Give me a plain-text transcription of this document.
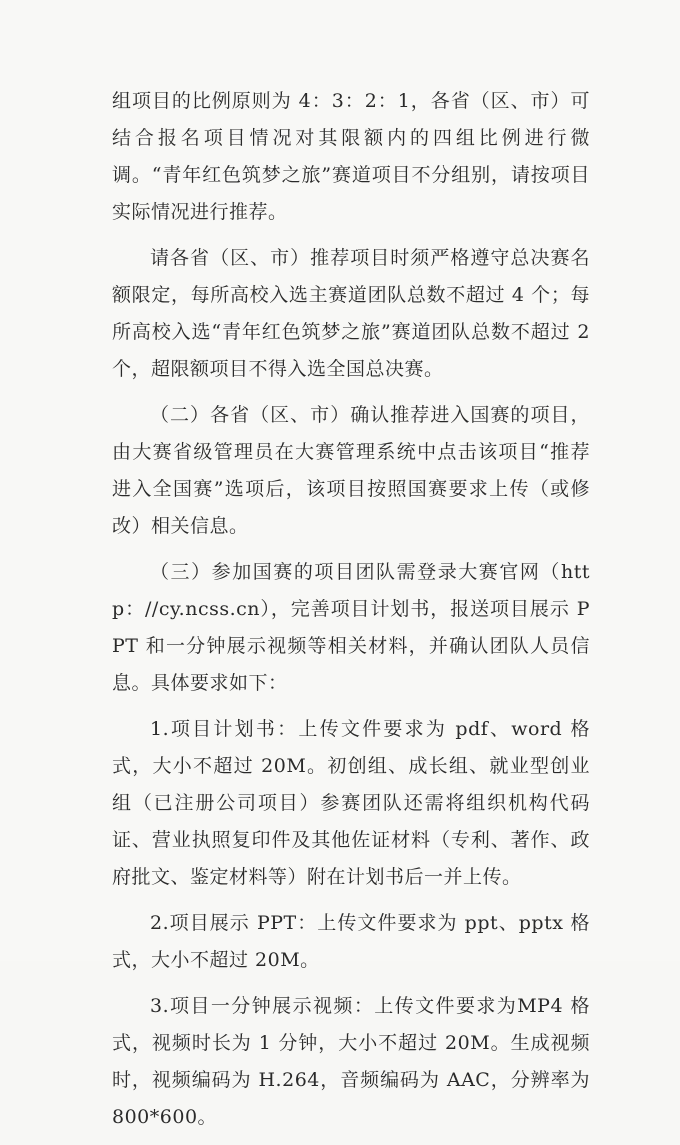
组项目的比例原则为 4：3：2：1，各省（区、市）可结合报名项目情况对其限额内的四组比例进行微调。“青年红色筑梦之旅”赛道项目不分组别，请按项目实际情况进行推荐。

请各省（区、市）推荐项目时须严格遵守总决赛名额限定，每所高校入选主赛道团队总数不超过 4 个；每所高校入选“青年红色筑梦之旅”赛道团队总数不超过 2 个，超限额项目不得入选全国总决赛。

（二）各省（区、市）确认推荐进入国赛的项目，由大赛省级管理员在大赛管理系统中点击该项目“推荐进入全国赛”选项后，该项目按照国赛要求上传（或修改）相关信息。

（三）参加国赛的项目团队需登录大赛官网（http：//cy.ncss.cn），完善项目计划书，报送项目展示 PPT 和一分钟展示视频等相关材料，并确认团队人员信息。具体要求如下：

1.项目计划书：上传文件要求为 pdf、word 格式，大小不超过 20M。初创组、成长组、就业型创业组（已注册公司项目）参赛团队还需将组织机构代码证、营业执照复印件及其他佐证材料（专利、著作、政府批文、鉴定材料等）附在计划书后一并上传。

2.项目展示 PPT：上传文件要求为 ppt、pptx 格式，大小不超过 20M。

3.项目一分钟展示视频：上传文件要求为MP4 格式，视频时长为 1 分钟，大小不超过 20M。生成视频时，视频编码为 H.264，音频编码为 AAC，分辨率为 800*600。
